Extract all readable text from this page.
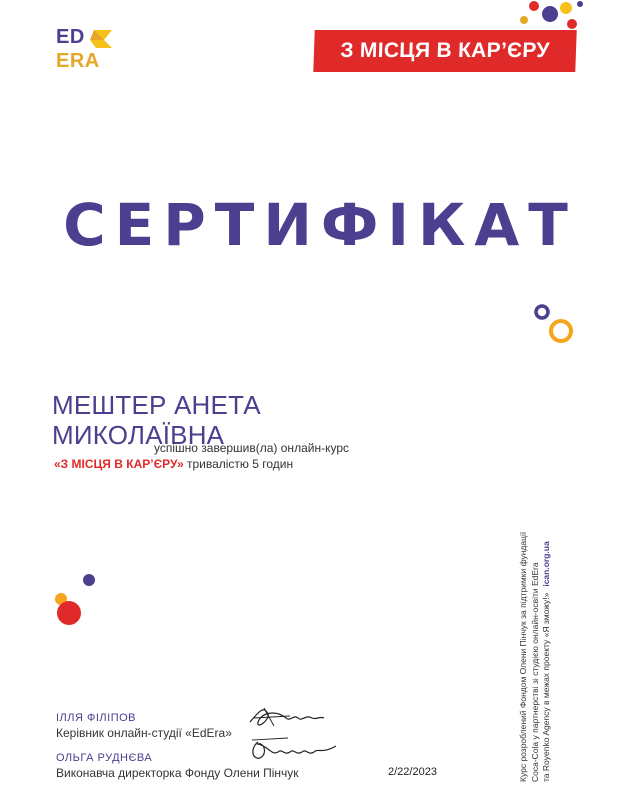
ED
ERA	З МІСЦЯ В КАР’ЄРУ
СЕРТИФІКАТ
МЕШТЕР АНЕТА
МИКОЛАЇВНА
успішно завершив(ла) онлайн-курс
«З МІСЦЯ В КАР’ЄРУ» тривалістю 5 годин
ІЛЛЯ ФІЛІПОВ
Керівник онлайн-студії «EdEra»
ОЛЬГА РУДНЄВА
Виконавча директорка Фонду Олени Пінчук	2/22/2023	Курс розроблений Фондом Олени Пінчук за підтримки фундації Coca-Cola у партнерстві зі студією онлайн-освіти EdEra та Royenko Agency в межах проекту «Я зможу!»ican.org.ua
